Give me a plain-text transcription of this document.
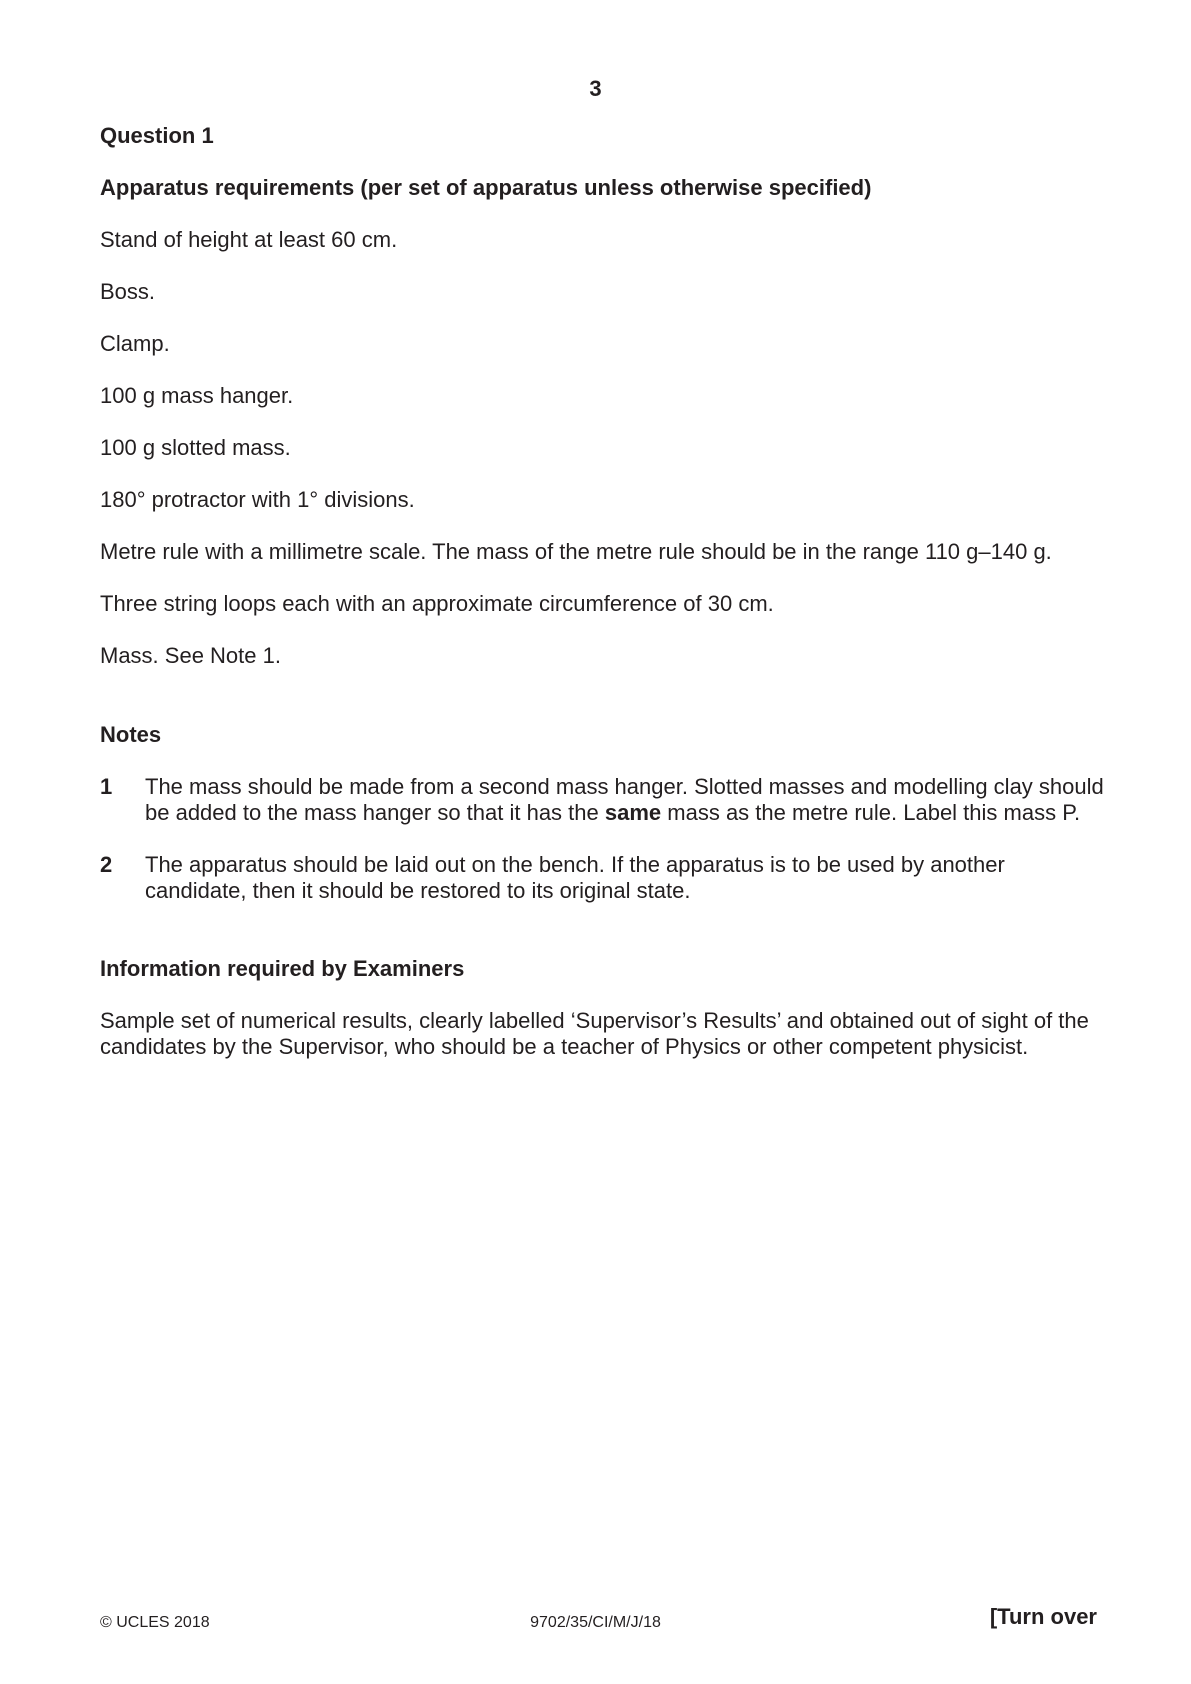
3
Question 1
Apparatus requirements (per set of apparatus unless otherwise specified)
Stand of height at least 60 cm.
Boss.
Clamp.
100 g mass hanger.
100 g slotted mass.
180° protractor with 1° divisions.
Metre rule with a millimetre scale. The mass of the metre rule should be in the range 110 g–140 g.
Three string loops each with an approximate circumference of 30 cm.
Mass. See Note 1.
Notes
1 The mass should be made from a second mass hanger. Slotted masses and modelling clay should be added to the mass hanger so that it has the same mass as the metre rule. Label this mass P.
2 The apparatus should be laid out on the bench. If the apparatus is to be used by another candidate, then it should be restored to its original state.
Information required by Examiners
Sample set of numerical results, clearly labelled ‘Supervisor’s Results’ and obtained out of sight of the candidates by the Supervisor, who should be a teacher of Physics or other competent physicist.
© UCLES 2018	9702/35/CI/M/J/18	[Turn over
